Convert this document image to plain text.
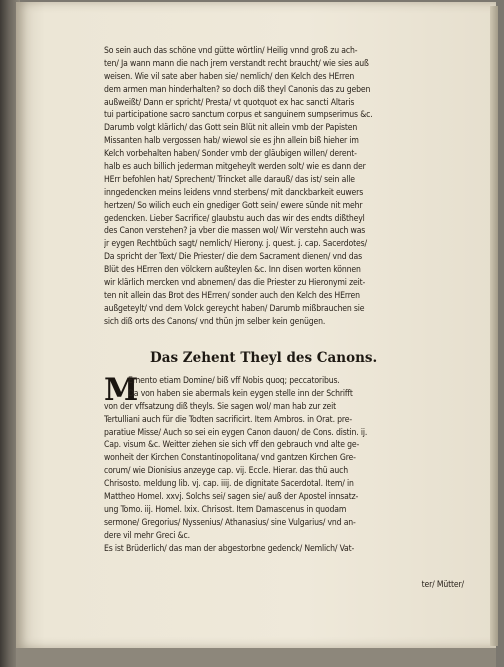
So sein auch das schöne vnd gütte wörtlin/ Heilig vnnd groß zu ach-
ten/ Ja wann mann die nach jrem verstandt recht braucht/ wie sies auß
weisen. Wie vil sate aber haben sie/ nemlich/ den Kelch des HErren
dem armen man hinderhalten? so doch diß theyl Canonis das zu geben
außweißt/ Dann er spricht/ Presta/ vt quotquot ex hac sancti Altaris
tui participatione sacro sanctum corpus et sanguinem sumpserimus &c.
Darumb volgt klärlich/ das Gott sein Blüt nit allein vmb der Papisten
Missanten halb vergossen hab/ wiewol sie es jhn allein biß hieher im
Kelch vorbehalten haben/ Sonder vmb der gläubigen willen/ derent-
halb es auch billich jederman mitgeheylt werden solt/ wie es dann der
HErr befohlen hat/ Sprechent/ Trincket alle darauß/ das ist/ sein alle
inngedencken meins leidens vnnd sterbens/ mit danckbarkeit euwers
hertzen/ So wilich euch ein gnediger Gott sein/ ewere sünde nit mehr
gedencken. Lieber Sacrifice/ glaubstu auch das wir des endts dißtheyl
des Canon verstehen? ja vber die massen wol/ Wir verstehn auch was
jr eygen Rechtbüch sagt/ nemlich/ Hierony. j. quest. j. cap. Sacerdotes/
Da spricht der Text/ Die Priester/ die dem Sacrament dienen/ vnd das
Blüt des HErren den völckern außteylen &c. Inn disen worten können
wir klärlich mercken vnd abnemen/ das die Priester zu Hieronymi zeit-
ten nit allein das Brot des HErren/ sonder auch den Kelch des HErren
außgeteylt/ vnd dem Volck gereycht haben/ Darumb mißbrauchen sie
sich diß orts des Canons/ vnd thün jm selber kein genügen.
Das Zehent Theyl des Canons.
M
Emento etiam Domine/ biß vff Nobis quoq; peccatoribus.
Da von haben sie abermals kein eygen stelle inn der Schrifft
von der vffsatzung diß theyls. Sie sagen wol/ man hab zur zeit
Tertulliani auch für die Todten sacrificirt. Item Ambros. in Orat. pre-
paratiue Misse/ Auch so sei ein eygen Canon dauon/ de Cons. distin. ij.
Cap. visum &c. Weitter ziehen sie sich vff den gebrauch vnd alte ge-
wonheit der Kirchen Constantinopolitana/ vnd gantzen Kirchen Gre-
corum/ wie Dionisius anzeyge cap. vij. Eccle. Hierar. das thü auch
Chrisosto. meldung lib. vj. cap. iiij. de dignitate Sacerdotal. Item/ in
Mattheo Homel. xxvj. Solchs sei/ sagen sie/ auß der Apostel innsatz-
ung Tomo. iij. Homel. lxix. Chrisost. Item Damascenus in quodam
sermone/ Gregorius/ Nyssenius/ Athanasius/ sine Vulgarius/ vnd an-
dere vil mehr Greci &c.
Es ist Brüderlich/ das man der abgestorbne gedenck/ Nemlich/ Vat-
ter/ Mütter/
